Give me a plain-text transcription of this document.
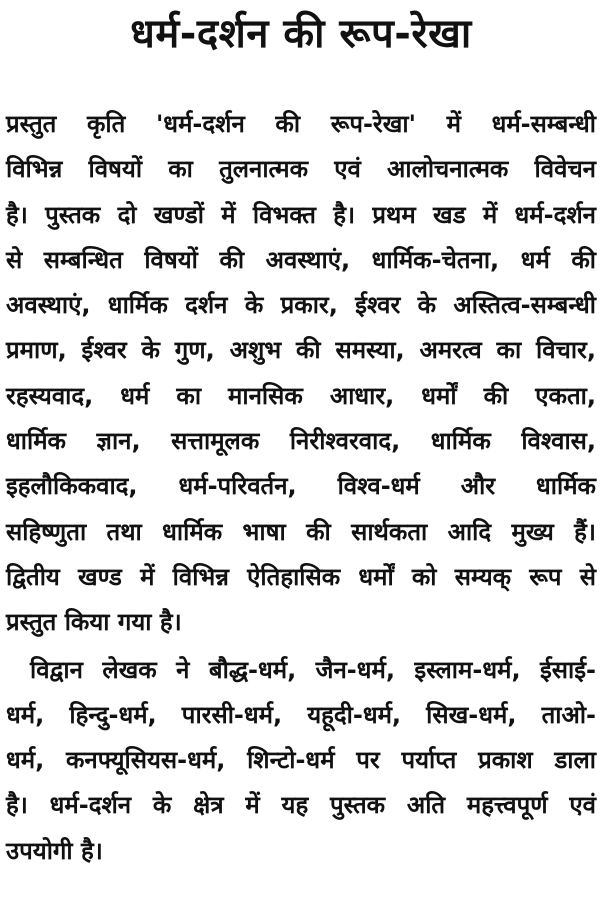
धर्म-दर्शन की रूप-रेखा
प्रस्तुत कृति 'धर्म-दर्शन की रूप-रेखा' में धर्म-सम्बन्धी
विभिन्न विषयों का तुलनात्मक एवं आलोचनात्मक विवेचन
है। पुस्तक दो खण्डों में विभक्त है। प्रथम खड में धर्म-दर्शन
से सम्बन्धित विषयों की अवस्थाएं, धार्मिक-चेतना, धर्म की
अवस्थाएं, धार्मिक दर्शन के प्रकार, ईश्वर के अस्तित्व-सम्बन्धी
प्रमाण, ईश्वर के गुण, अशुभ की समस्या, अमरत्व का विचार,
रहस्यवाद, धर्म का मानसिक आधार, धर्मों की एकता,
धार्मिक ज्ञान, सत्तामूलक निरीश्वरवाद, धार्मिक विश्वास,
इहलौकिकवाद, धर्म-परिवर्तन, विश्व-धर्म और धार्मिक
सहिष्णुता तथा धार्मिक भाषा की सार्थकता आदि मुख्य हैं।
द्वितीय खण्ड में विभिन्न ऐतिहासिक धर्मों को सम्यक् रूप से
प्रस्तुत किया गया है।
विद्वान लेखक ने बौद्ध-धर्म, जैन-धर्म, इस्लाम-धर्म, ईसाई-
धर्म, हिन्दु-धर्म, पारसी-धर्म, यहूदी-धर्म, सिख-धर्म, ताओ-
धर्म, कनफ्यूसियस-धर्म, शिन्टो-धर्म पर पर्याप्त प्रकाश डाला
है। धर्म-दर्शन के क्षेत्र में यह पुस्तक अति महत्त्वपूर्ण एवं
उपयोगी है।
